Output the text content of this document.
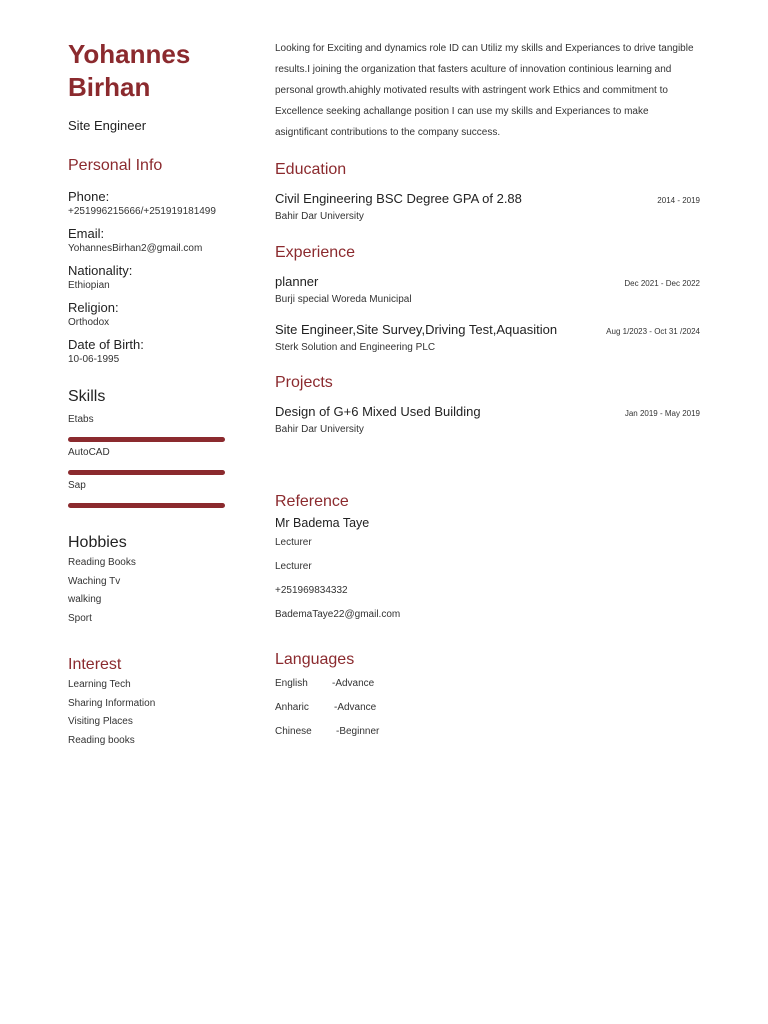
Yohannes
Birhan
Site Engineer
Personal Info
Phone:
+251996215666/+251919181499
Email:
YohannesBirhan2@gmail.com
Nationality:
Ethiopian
Religion:
Orthodox
Date of Birth:
10-06-1995
Skills
Etabs
AutoCAD
Sap
Hobbies
Reading Books
Waching Tv
walking
Sport
Interest
Learning Tech
Sharing Information
Visiting Places
Reading books
Looking for Exciting and dynamics role ID can Utiliz my skills and Experiances to drive tangible results.I joining the organization that fasters aculture of innovation continious learning and personal growth.ahighly motivated results with astringent work Ethics and commitment to Excellence seeking achallange position I can use my skills and Experiances to make asigntificant contributions to the company success.
Education
Civil Engineering BSC Degree GPA of 2.88	2014 - 2019
Bahir Dar University
Experience
planner	Dec 2021 - Dec 2022
Burji special Woreda Municipal
Site Engineer,Site Survey,Driving Test,Aquasition	Aug 1/2023 - Oct 31 /2024
Sterk Solution and Engineering PLC
Projects
Design of G+6 Mixed Used Building	Jan 2019 - May 2019
Bahir Dar University
Reference
Mr Badema Taye
Lecturer
Lecturer
+251969834332
BademaTaye22@gmail.com
Languages
English	-Advance
Anharic	-Advance
Chinese	-Beginner
